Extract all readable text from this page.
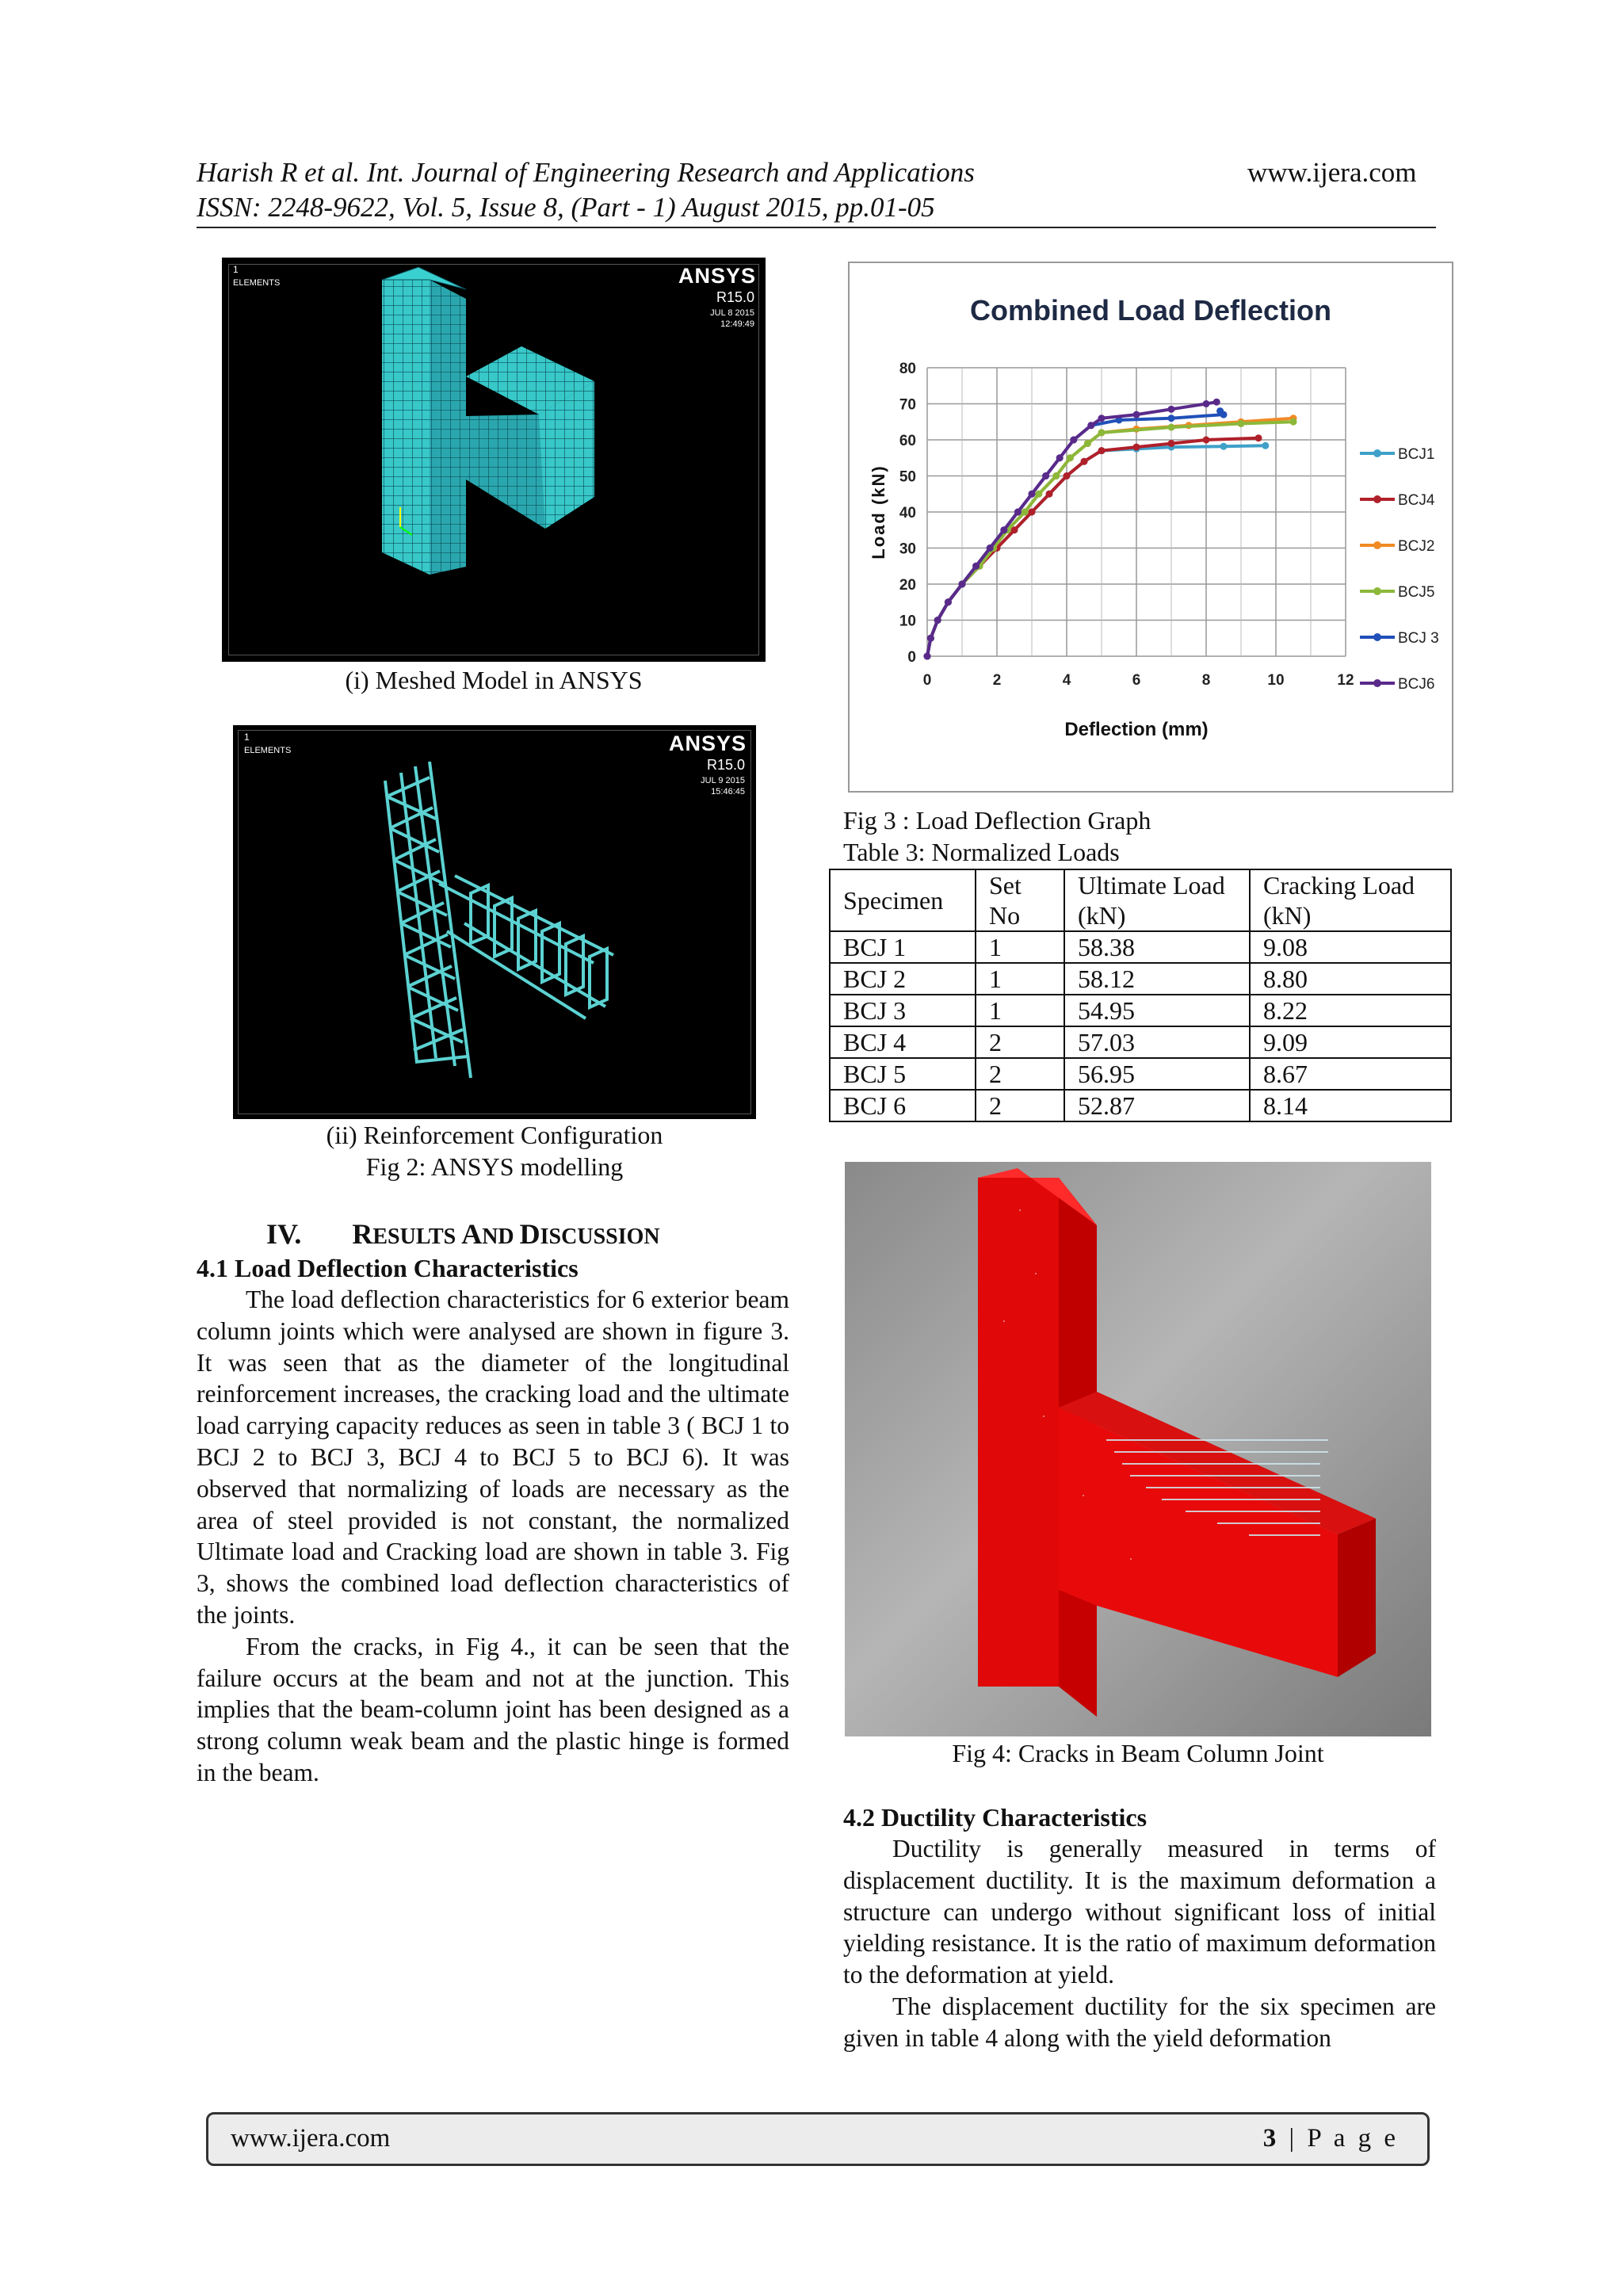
Harish R et al. Int. Journal of Engineering Research and Applications	www.ijera.com
ISSN: 2248-9622, Vol. 5, Issue 8, (Part - 1) August 2015, pp.01-05
1
ELEMENTS	ANSYS
R15.0
JUL 8 2015
12:49:49
(i) Meshed Model in ANSYS
1
ELEMENTS	ANSYS
R15.0
JUL 9 2015
15:46:45
(ii) Reinforcement Configuration
Fig 2: ANSYS modelling
IV. RESULTS AND DISCUSSION
4.1 Load Deflection Characteristics

The load deflection characteristics for 6 exterior beam column joints which were analysed are shown in figure 3. It was seen that as the diameter of the longitudinal reinforcement increases, the cracking load and the ultimate load carrying capacity reduces as seen in table 3 ( BCJ 1 to BCJ 2 to BCJ 3, BCJ 4 to BCJ 5 to BCJ 6). It was observed that normalizing of loads are necessary as the area of steel provided is not constant, the normalized Ultimate load and Cracking load are shown in table 3. Fig 3, shows the combined load deflection characteristics of the joints.

From the cracks, in Fig 4., it can be seen that the failure occurs at the beam and not at the junction. This implies that the beam-column joint has been designed as a strong column weak beam and the plastic hinge is formed in the beam.

Combined Load Deflection
0
10
20
30
40
50
60
70
80
0	2	4	6	8	10	12
Deflection (mm)
Load (kN)
BCJ1
BCJ4
BCJ2
BCJ5
BCJ 3
BCJ6
Fig 3 : Load Deflection Graph
Table 3: Normalized Loads
Specimen	Set No	Ultimate Load (kN)	Cracking Load (kN)
BCJ 1	1	58.38	9.08
BCJ 2	1	58.12	8.80
BCJ 3	1	54.95	8.22
BCJ 4	2	57.03	9.09
BCJ 5	2	56.95	8.67
BCJ 6	2	52.87	8.14
Fig 4: Cracks in Beam Column Joint
4.2 Ductility Characteristics

Ductility is generally measured in terms of displacement ductility. It is the maximum deformation a structure can undergo without significant loss of initial yielding resistance. It is the ratio of maximum deformation to the deformation at yield.

The displacement ductility for the six specimen are given in table 4 along with the yield deformation

www.ijera.com	3 | P a g e
